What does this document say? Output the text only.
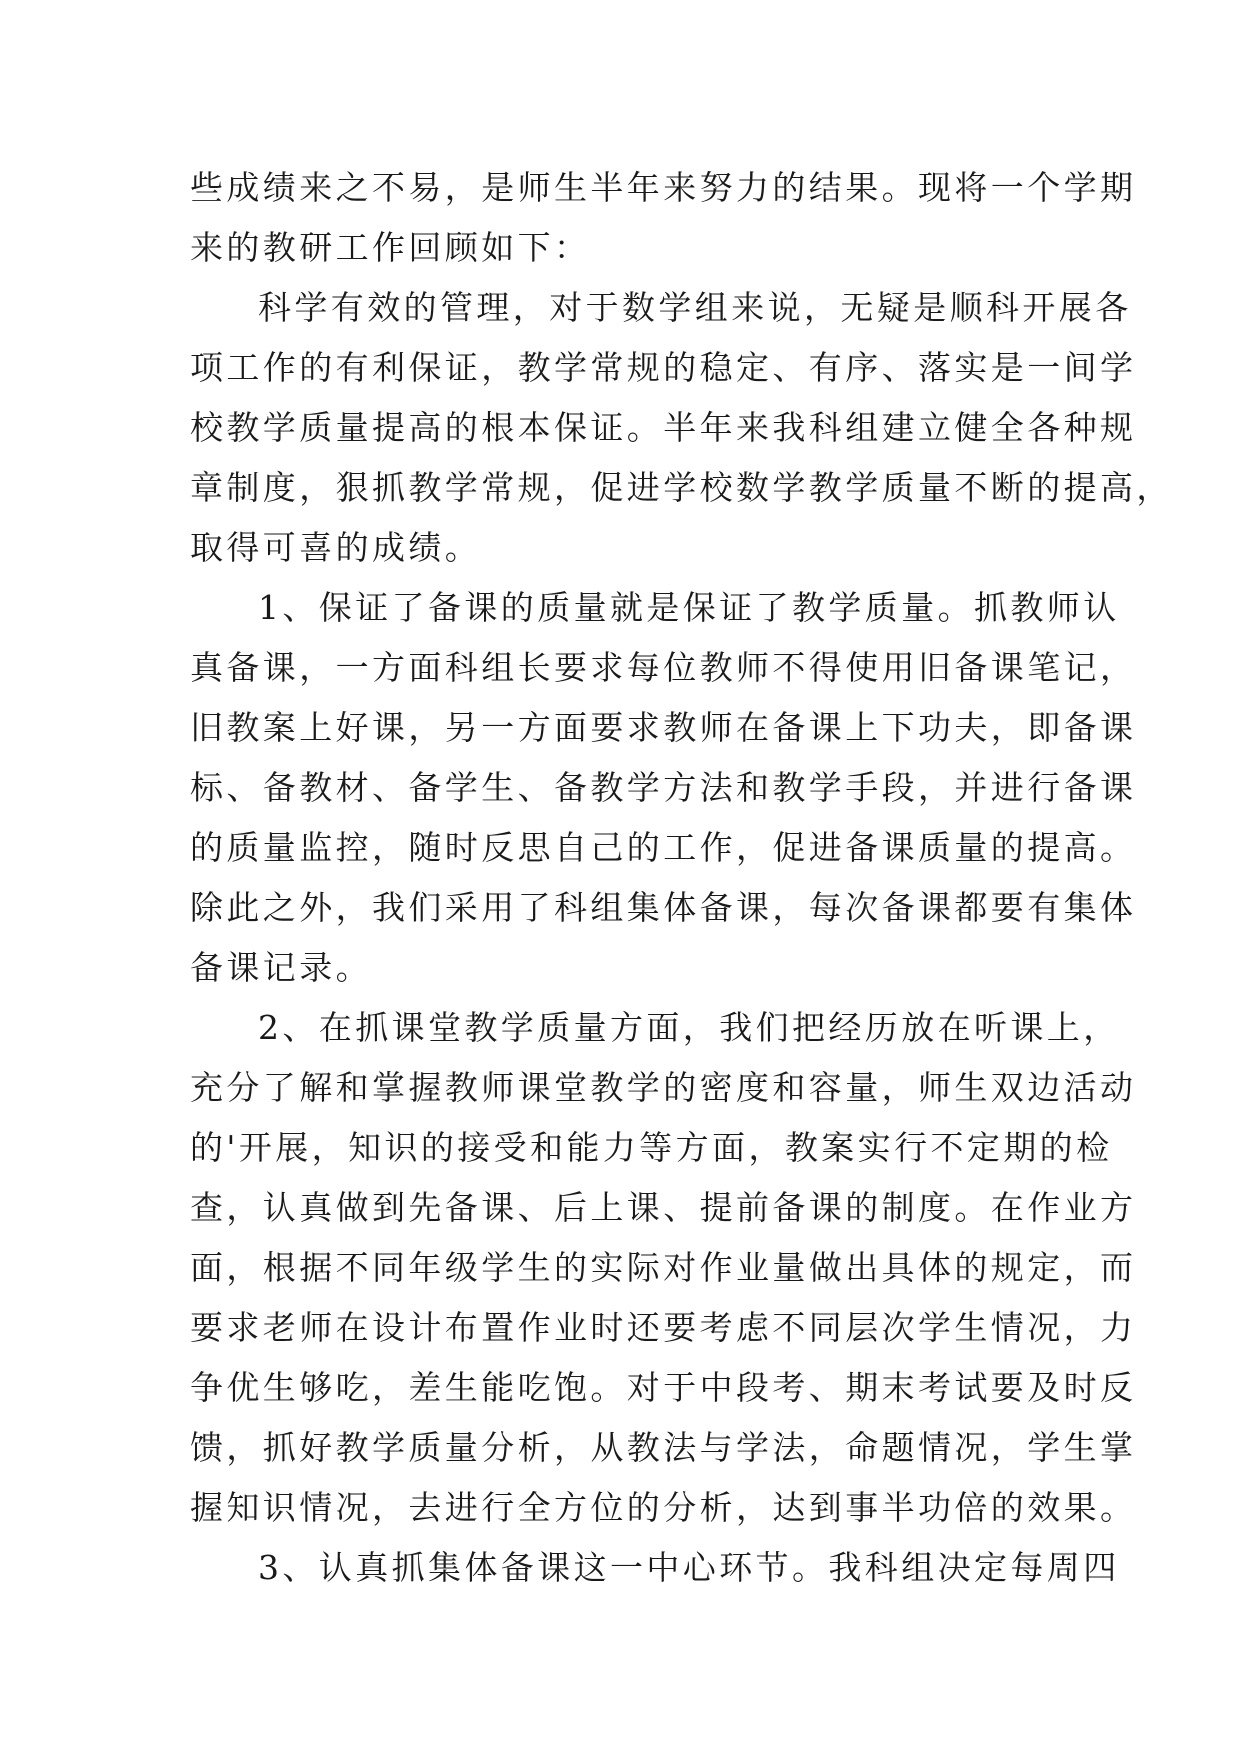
些成绩来之不易，是师生半年来努力的结果。现将一个学期
来的教研工作回顾如下：
科学有效的管理，对于数学组来说，无疑是顺科开展各
项工作的有利保证，教学常规的稳定、有序、落实是一间学
校教学质量提高的根本保证。半年来我科组建立健全各种规
章制度，狠抓教学常规，促进学校数学教学质量不断的提高，
取得可喜的成绩。
1、保证了备课的质量就是保证了教学质量。抓教师认
真备课，一方面科组长要求每位教师不得使用旧备课笔记，
旧教案上好课，另一方面要求教师在备课上下功夫，即备课
标、备教材、备学生、备教学方法和教学手段，并进行备课
的质量监控，随时反思自己的工作，促进备课质量的提高。
除此之外，我们采用了科组集体备课，每次备课都要有集体
备课记录。
2、在抓课堂教学质量方面，我们把经历放在听课上，
充分了解和掌握教师课堂教学的密度和容量，师生双边活动
的'开展，知识的接受和能力等方面，教案实行不定期的检
查，认真做到先备课、后上课、提前备课的制度。在作业方
面，根据不同年级学生的实际对作业量做出具体的规定，而
要求老师在设计布置作业时还要考虑不同层次学生情况，力
争优生够吃，差生能吃饱。对于中段考、期末考试要及时反
馈，抓好教学质量分析，从教法与学法，命题情况，学生掌
握知识情况，去进行全方位的分析，达到事半功倍的效果。
3、认真抓集体备课这一中心环节。我科组决定每周四
